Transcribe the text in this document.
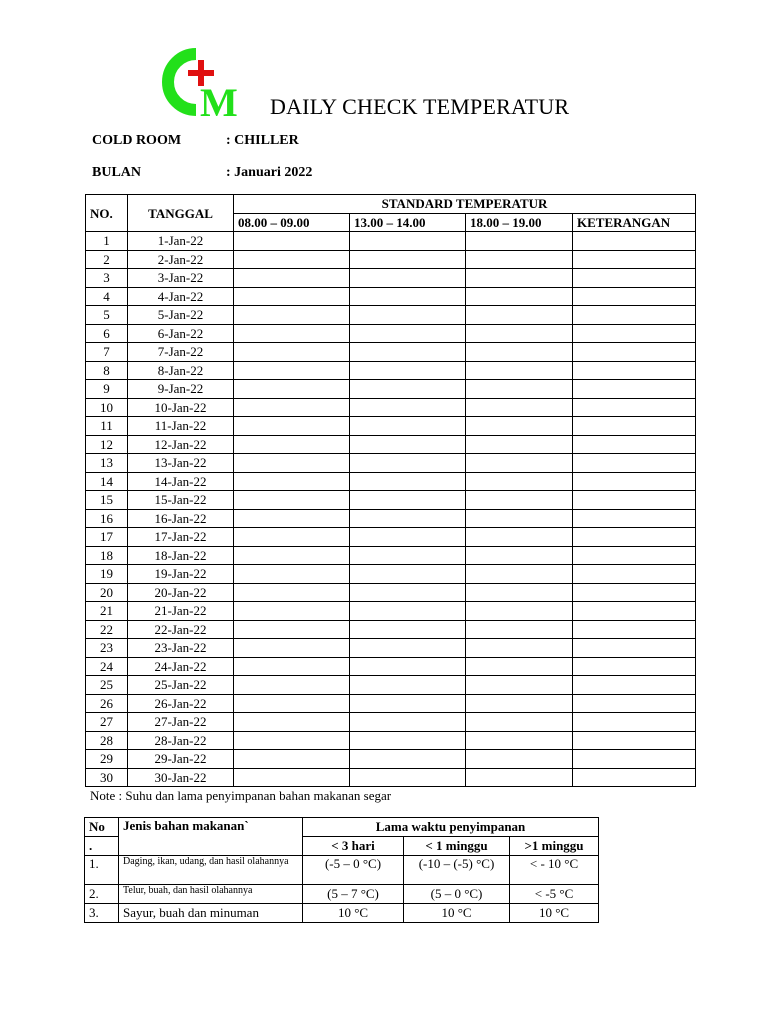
M DAILY CHECK TEMPERATUR
COLD ROOM	: CHILLER
BULAN	: Januari 2022
NO.	TANGGAL	STANDARD TEMPERATUR			
		08.00 – 09.00	13.00 – 14.00	18.00 – 19.00	KETERANGAN
1	1-Jan-22				
2	2-Jan-22				
3	3-Jan-22				
4	4-Jan-22				
5	5-Jan-22				
6	6-Jan-22				
7	7-Jan-22				
8	8-Jan-22				
9	9-Jan-22				
10	10-Jan-22				
11	11-Jan-22				
12	12-Jan-22				
13	13-Jan-22				
14	14-Jan-22				
15	15-Jan-22				
16	16-Jan-22				
17	17-Jan-22				
18	18-Jan-22				
19	19-Jan-22				
20	20-Jan-22				
21	21-Jan-22				
22	22-Jan-22				
23	23-Jan-22				
24	24-Jan-22				
25	25-Jan-22				
26	26-Jan-22				
27	27-Jan-22				
28	28-Jan-22				
29	29-Jan-22				
30	30-Jan-22				
Note : Suhu dan lama penyimpanan bahan makanan segar
No	Jenis bahan makanan`	Lama waktu penyimpanan		
.		< 3 hari	< 1 minggu	>1 minggu
1.	Daging, ikan, udang, dan hasil olahannya	(-5 – 0 °C)	(-10 – (-5) °C)	< - 10 °C
2.	Telur, buah, dan hasil olahannya	(5 – 7 °C)	(5 – 0 °C)	< -5 °C
3.	Sayur, buah dan minuman	10 °C	10 °C	10 °C
